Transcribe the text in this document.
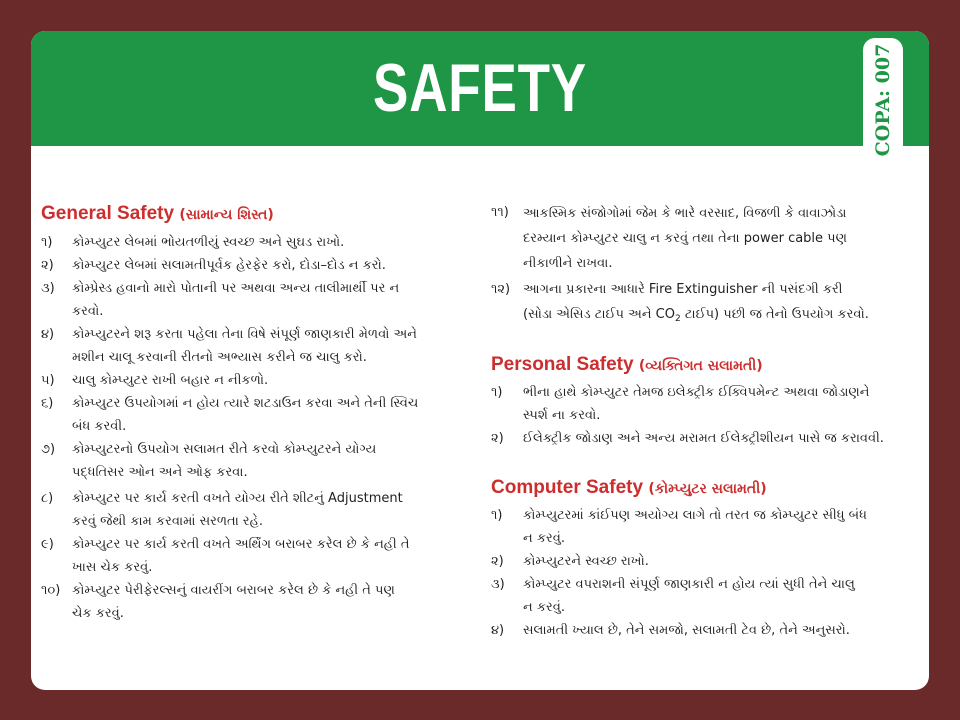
SAFETY	COPA: 007
General Safety (સામાન્ય શિસ્ત)
૧) કોમ્પ્યુટર લેબમાં ભોયતળીયું સ્વચ્છ અને સુઘડ રાખો.
૨) કોમ્પ્યુટર લેબમાં સલામતીપૂર્વક હેરફેર કરો, દોડા–દોડ ન કરો.
૩) કોમ્પ્રેસ્ડ હવાનો મારો પોતાની પર અથવા અન્ય તાલીમાર્થી પર ન
કરવો.
૪) કોમ્પ્યુટરને શરૂ કરતા પહેલા તેના વિષે સંપૂર્ણ જાણકારી મેળવો અને
મશીન ચાલૂ કરવાની રીતનો અભ્યાસ કરીને જ ચાલુ કરો.
૫) ચાલુ કોમ્પ્યુટર રાખી બહાર ન નીકળો.
૬) કોમ્પ્યુટર ઉપયોગમાં ન હોય ત્યારે શટડાઉન કરવા અને તેની સ્વિચ
બંધ કરવી.
૭) કોમ્પ્યુટરનો ઉપયોગ સલામત રીતે કરવો કોમ્પ્યુટરને યોગ્ય
પદ્ધતિસર ઓન અને ઓફ કરવા.
૮) કોમ્પ્યુટર પર કાર્ય કરતી વખતે યોગ્ય રીતે શીટનું Adjustment
કરવું જેથી કામ કરવામાં સરળતા રહે.
૯) કોમ્પ્યુટર પર કાર્ય કરતી વખતે અર્થિંગ બરાબર કરેલ છે કે નહી તે
ખાસ ચેક કરવું.
૧૦) કોમ્પ્યુટર પેરીફેરલ્સનું વાયરીંગ બરાબર કરેલ છે કે નહી તે પણ
ચેક કરવું.
૧૧) આકસ્મિક સંજોગોમાં જેમ કે ભારે વરસાદ, વિજળી કે વાવાઝોડા
દરમ્યાન કોમ્પ્યુટર ચાલુ ન કરવું તથા તેના power cable પણ
નીકાળીને રાખવા.
૧૨) આગના પ્રકારના આધારે Fire Extinguisher ની પસંદગી કરી
(સોડા એસિડ ટાઈપ અને $CO_2$ ટાઈપ) પછી જ તેનો ઉપયોગ કરવો.
Personal Safety (વ્યક્તિગત સલામતી)
૧) ભીના હાથે કોમ્પ્યુટર તેમજ ઇલેક્ટ્રીક ઈક્વિપમેન્ટ અથવા જોડાણને
સ્પર્શ ના કરવો.
૨) ઈલેક્ટ્રીક જોડાણ અને અન્ય મરામત ઈલેક્ટ્રીશીયન પાસે જ કરાવવી.
Computer Safety (કોમ્પ્યુટર સલામતી)
૧) કોમ્પ્યુટરમાં કાંઈપણ અયોગ્ય લાગે તો તરત જ કોમ્પ્યુટર સીધુ બંધ
ન કરવું.
૨) કોમ્પ્યુટરને સ્વચ્છ રાખો.
૩) કોમ્પ્યુટર વપરાશની સંપૂર્ણ જાણકારી ન હોય ત્યાં સુધી તેને ચાલુ
ન કરવું.
૪) સલામતી ખ્યાલ છે, તેને સમજો, સલામતી ટેવ છે, તેને અનુસરો.
